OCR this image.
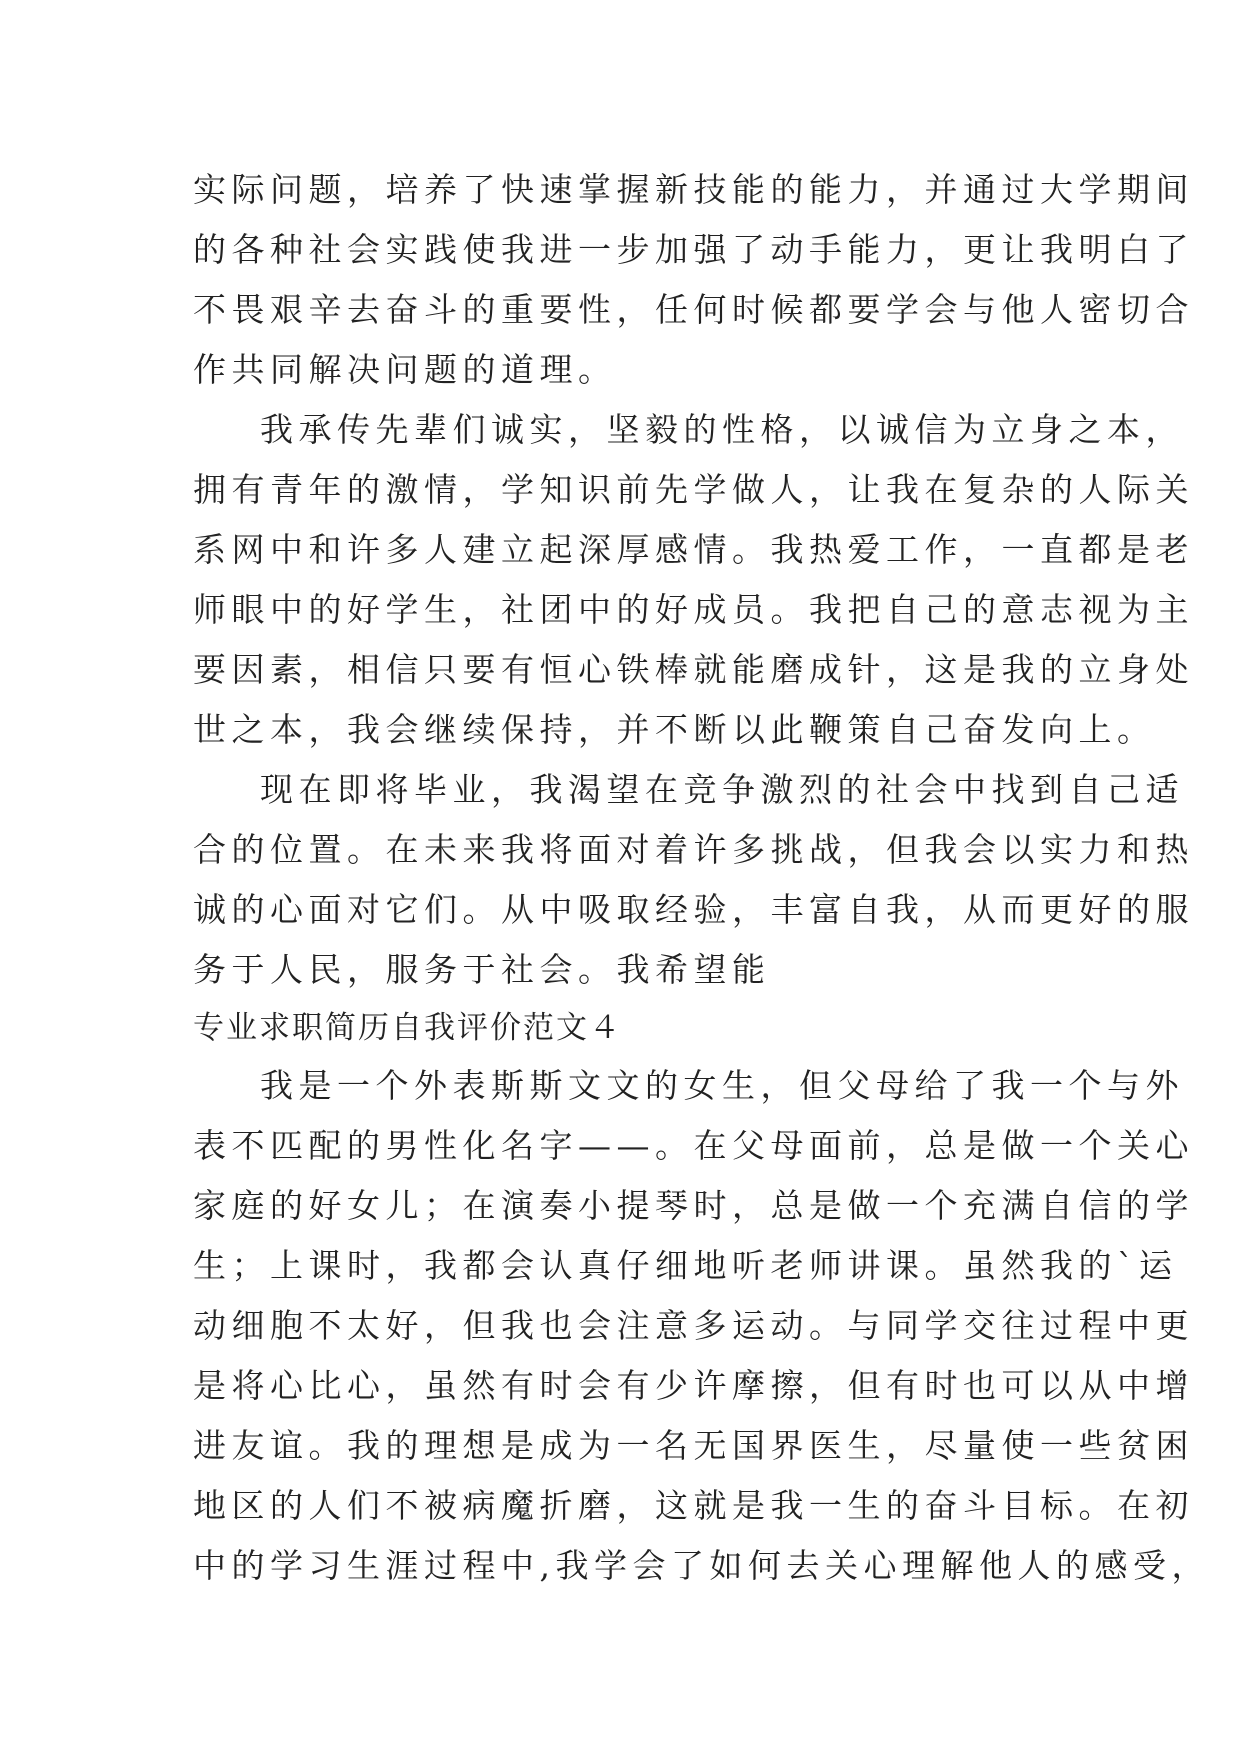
实际问题，培养了快速掌握新技能的能力，并通过大学期间
的各种社会实践使我进一步加强了动手能力，更让我明白了
不畏艰辛去奋斗的重要性，任何时候都要学会与他人密切合
作共同解决问题的道理。
我承传先辈们诚实，坚毅的性格，以诚信为立身之本，
拥有青年的激情，学知识前先学做人，让我在复杂的人际关
系网中和许多人建立起深厚感情。我热爱工作，一直都是老
师眼中的好学生，社团中的好成员。我把自己的意志视为主
要因素，相信只要有恒心铁棒就能磨成针，这是我的立身处
世之本，我会继续保持，并不断以此鞭策自己奋发向上。
现在即将毕业，我渴望在竞争激烈的社会中找到自己适
合的位置。在未来我将面对着许多挑战，但我会以实力和热
诚的心面对它们。从中吸取经验，丰富自我，从而更好的服
务于人民，服务于社会。我希望能
专业求职简历自我评价范文４
我是一个外表斯斯文文的女生，但父母给了我一个与外
表不匹配的男性化名字——。在父母面前，总是做一个关心
家庭的好女儿；在演奏小提琴时，总是做一个充满自信的学
生；上课时，我都会认真仔细地听老师讲课。虽然我的`运
动细胞不太好，但我也会注意多运动。与同学交往过程中更
是将心比心，虽然有时会有少许摩擦，但有时也可以从中增
进友谊。我的理想是成为一名无国界医生，尽量使一些贫困
地区的人们不被病魔折磨，这就是我一生的奋斗目标。在初
中的学习生涯过程中,我学会了如何去关心理解他人的感受，
